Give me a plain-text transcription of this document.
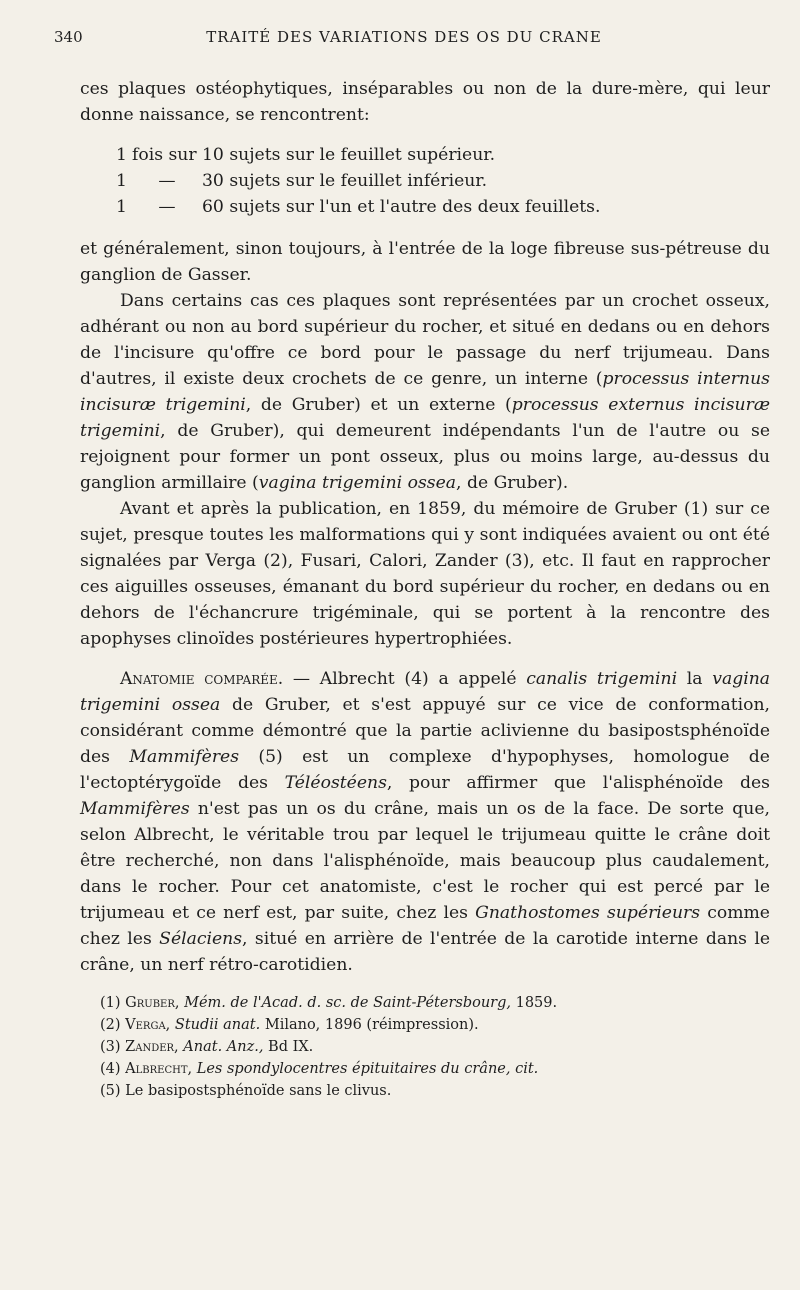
340	TRAITÉ DES VARIATIONS DES OS DU CRANE

ces plaques ostéophytiques, inséparables ou non de la dure-mère, qui leur donne naissance, se rencontrent:

1 fois sur 10 sujets sur le feuillet supérieur.
1	—	30 sujets sur le feuillet inférieur.
1	—	60 sujets sur l'un et l'autre des deux feuillets.

et généralement, sinon toujours, à l'entrée de la loge fibreuse sus-pétreuse du ganglion de Gasser.

Dans certains cas ces plaques sont représentées par un crochet osseux, adhérant ou non au bord supérieur du rocher, et situé en dedans ou en dehors de l'incisure qu'offre ce bord pour le passage du nerf trijumeau. Dans d'autres, il existe deux crochets de ce genre, un interne (processus internus incisuræ trigemini, de Gruber) et un externe (processus externus incisuræ trigemini, de Gruber), qui demeurent indépendants l'un de l'autre ou se rejoignent pour former un pont osseux, plus ou moins large, au-dessus du ganglion armillaire (vagina trigemini ossea, de Gruber).

Avant et après la publication, en 1859, du mémoire de Gruber (1) sur ce sujet, presque toutes les malformations qui y sont indiquées avaient ou ont été signalées par Verga (2), Fusari, Calori, Zander (3), etc. Il faut en rapprocher ces aiguilles osseuses, émanant du bord supérieur du rocher, en dedans ou en dehors de l'échancrure trigéminale, qui se portent à la rencontre des apophyses clinoïdes postérieures hypertrophiées.

Anatomie comparée. — Albrecht (4) a appelé canalis trigemini la vagina trigemini ossea de Gruber, et s'est appuyé sur ce vice de conformation, considérant comme démontré que la partie aclivienne du basipostsphénoïde des Mammifères (5) est un complexe d'hypophyses, homologue de l'ectoptérygoïde des Téléostéens, pour affirmer que l'alisphénoïde des Mammifères n'est pas un os du crâne, mais un os de la face. De sorte que, selon Albrecht, le véritable trou par lequel le trijumeau quitte le crâne doit être recherché, non dans l'alisphénoïde, mais beaucoup plus caudalement, dans le rocher. Pour cet anatomiste, c'est le rocher qui est percé par le trijumeau et ce nerf est, par suite, chez les Gnathostomes supérieurs comme chez les Sélaciens, situé en arrière de l'entrée de la carotide interne dans le crâne, un nerf rétro-carotidien.

(1) Gruber, Mém. de l'Acad. d. sc. de Saint-Pétersbourg, 1859.
(2) Verga, Studii anat. Milano, 1896 (réimpression).
(3) Zander, Anat. Anz., Bd IX.
(4) Albrecht, Les spondylocentres épituitaires du crâne, cit.
(5) Le basipostsphénoïde sans le clivus.
